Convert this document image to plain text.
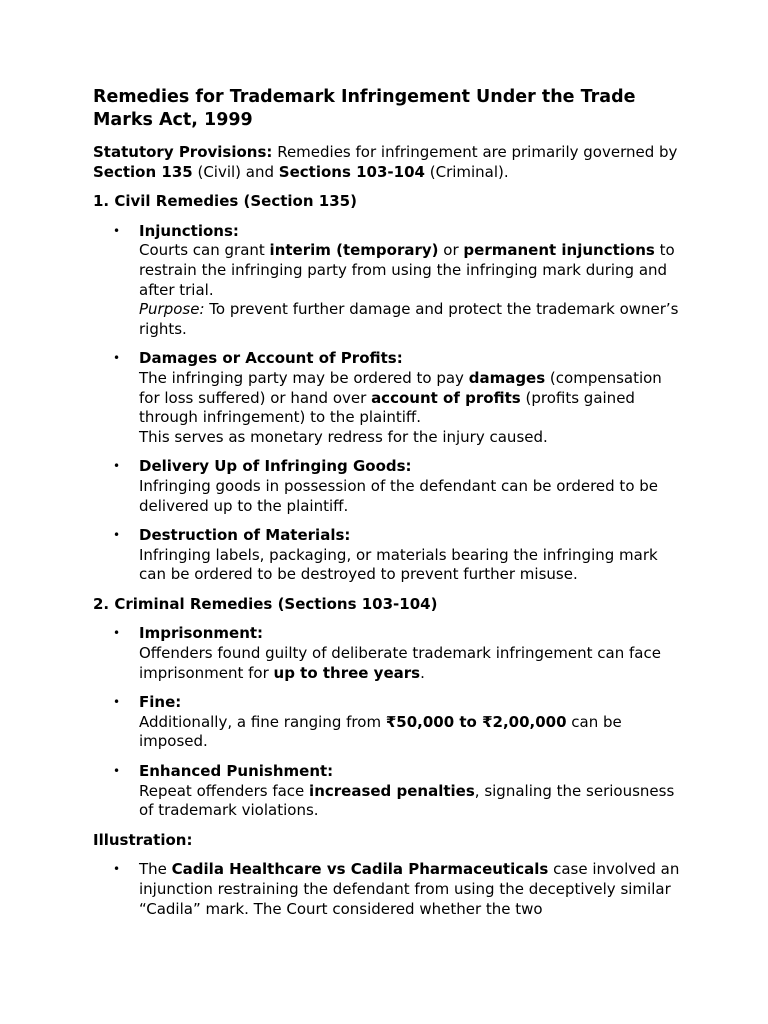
Remedies for Trademark Infringement Under the Trade Marks Act, 1999

Statutory Provisions: Remedies for infringement are primarily governed by Section 135 (Civil) and Sections 103-104 (Criminal).

1. Civil Remedies (Section 135)
• Injunctions:
Courts can grant interim (temporary) or permanent injunctions to restrain the infringing party from using the infringing mark during and after trial.
Purpose: To prevent further damage and protect the trademark owner’s rights.
• Damages or Account of Profits:
The infringing party may be ordered to pay damages (compensation for loss suffered) or hand over account of profits (profits gained through infringement) to the plaintiff.
This serves as monetary redress for the injury caused.
• Delivery Up of Infringing Goods:
Infringing goods in possession of the defendant can be ordered to be delivered up to the plaintiff.
• Destruction of Materials:
Infringing labels, packaging, or materials bearing the infringing mark can be ordered to be destroyed to prevent further misuse.
2. Criminal Remedies (Sections 103-104)
• Imprisonment:
Offenders found guilty of deliberate trademark infringement can face imprisonment for up to three years.
• Fine:
Additionally, a fine ranging from ₹50,000 to ₹2,00,000 can be imposed.
• Enhanced Punishment:
Repeat offenders face increased penalties, signaling the seriousness of trademark violations.
Illustration:
• The Cadila Healthcare vs Cadila Pharmaceuticals case involved an injunction restraining the defendant from using the deceptively similar “Cadila” mark. The Court considered whether the two
